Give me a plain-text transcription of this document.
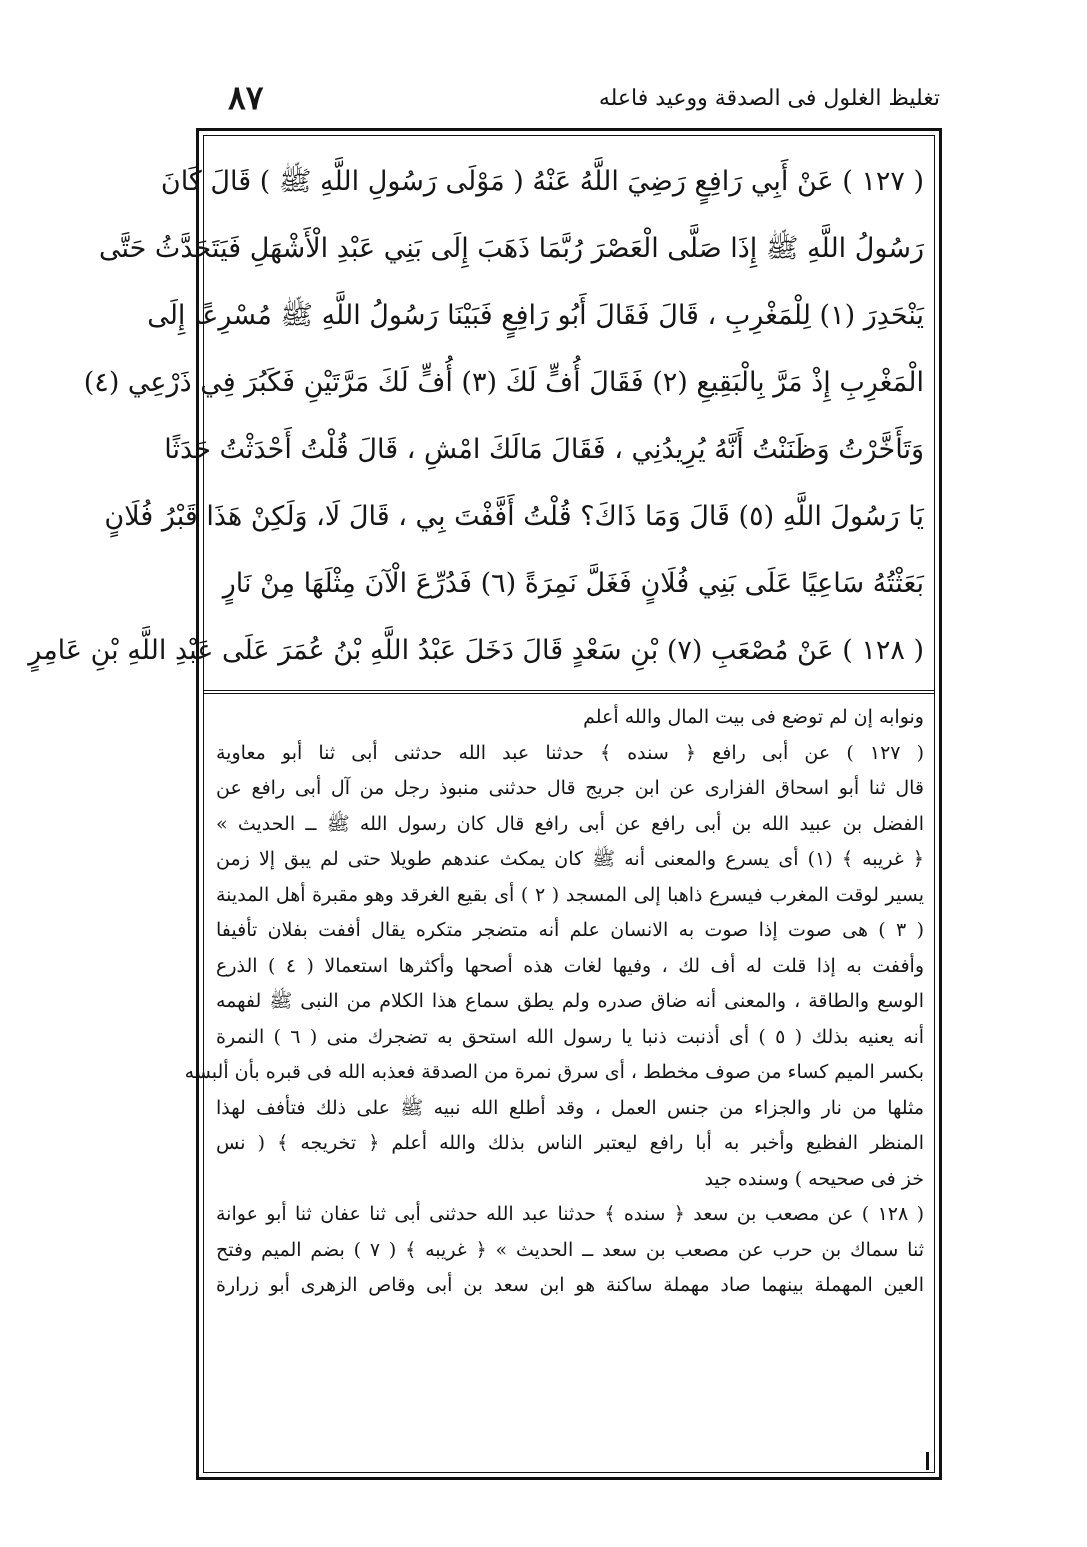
٨٧	تغليظ الغلول فى الصدقة ووعيد فاعله
( ١٢٧ ) عَنْ أَبِي رَافِعٍ رَضِيَ اللَّهُ عَنْهُ ( مَوْلَى رَسُولِ اللَّهِ ﷺ ) قَالَ كَانَ
رَسُولُ اللَّهِ ﷺ إِذَا صَلَّى الْعَصْرَ رُبَّمَا ذَهَبَ إِلَى بَنِي عَبْدِ الْأَشْهَلِ فَيَتَحَدَّثُ حَتَّى
يَنْحَدِرَ (١) لِلْمَغْرِبِ ، قَالَ فَقَالَ أَبُو رَافِعٍ فَبَيْنَا رَسُولُ اللَّهِ ﷺ مُسْرِعًا إِلَى
الْمَغْرِبِ إِذْ مَرَّ بِالْبَقِيعِ (٢) فَقَالَ أُفٍّ لَكَ (٣) أُفٍّ لَكَ مَرَّتَيْنِ فَكَبُرَ فِي ذَرْعِي (٤)
وَتَأَخَّرْتُ وَظَنَنْتُ أَنَّهُ يُرِيدُنِي ، فَقَالَ مَالَكَ امْشِ ، قَالَ قُلْتُ أَحْدَثْتُ حَدَثًا
يَا رَسُولَ اللَّهِ (٥) قَالَ وَمَا ذَاكَ؟ قُلْتُ أَفَّفْتَ بِي ، قَالَ لَا، وَلَكِنْ هَذَا قَبْرُ فُلَانٍ
بَعَثْتُهُ سَاعِيًا عَلَى بَنِي فُلَانٍ فَغَلَّ نَمِرَةً (٦) فَدُرِّعَ الْآنَ مِثْلَهَا مِنْ نَارٍ
( ١٢٨ ) عَنْ مُصْعَبِ (٧) بْنِ سَعْدٍ قَالَ دَخَلَ عَبْدُ اللَّهِ بْنُ عُمَرَ عَلَى عَبْدِ اللَّهِ بْنِ عَامِرٍ
ونوابه إن لم توضع فى بيت المال والله أعلم
( ١٢٧ ) عن أبى رافع ﴿ سنده ﴾ حدثنا عبد الله حدثنى أبى ثنا أبو معاوية
قال ثنا أبو اسحاق الفزارى عن ابن جريج قال حدثنى منبوذ رجل من آل أبى رافع عن
الفضل بن عبيد الله بن أبى رافع عن أبى رافع قال كان رسول الله ﷺ ــ الحديث »
﴿ غريبه ﴾ (١) أى يسرع والمعنى أنه ﷺ كان يمكث عندهم طويلا حتى لم يبق إلا زمن
يسير لوقت المغرب فيسرع ذاهبا إلى المسجد ( ٢ ) أى بقيع الغرقد وهو مقبرة أهل المدينة
( ٣ ) هى صوت إذا صوت به الانسان علم أنه متضجر متكره يقال أففت بفلان تأفيفا
وأففت به إذا قلت له أف لك ، وفيها لغات هذه أصحها وأكثرها استعمالا ( ٤ ) الذرع
الوسع والطاقة ، والمعنى أنه ضاق صدره ولم يطق سماع هذا الكلام من النبى ﷺ لفهمه
أنه يعنيه بذلك ( ٥ ) أى أذنبت ذنبا يا رسول الله استحق به تضجرك منى ( ٦ ) النمرة
بكسر الميم كساء من صوف مخطط ، أى سرق نمرة من الصدقة فعذبه الله فى قبره بأن ألبسه
مثلها من نار والجزاء من جنس العمل ، وقد أطلع الله نبيه ﷺ على ذلك فتأفف لهذا
المنظر الفظيع وأخبر به أبا رافع ليعتبر الناس بذلك والله أعلم ﴿ تخريجه ﴾ ( نس
خز فى صحيحه ) وسنده جيد
( ١٢٨ ) عن مصعب بن سعد ﴿ سنده ﴾ حدثنا عبد الله حدثنى أبى ثنا عفان ثنا أبو عوانة
ثنا سماك بن حرب عن مصعب بن سعد ــ الحديث » ﴿ غريبه ﴾ ( ٧ ) بضم الميم وفتح
العين المهملة بينهما صاد مهملة ساكنة هو ابن سعد بن أبى وقاص الزهرى أبو زرارة
